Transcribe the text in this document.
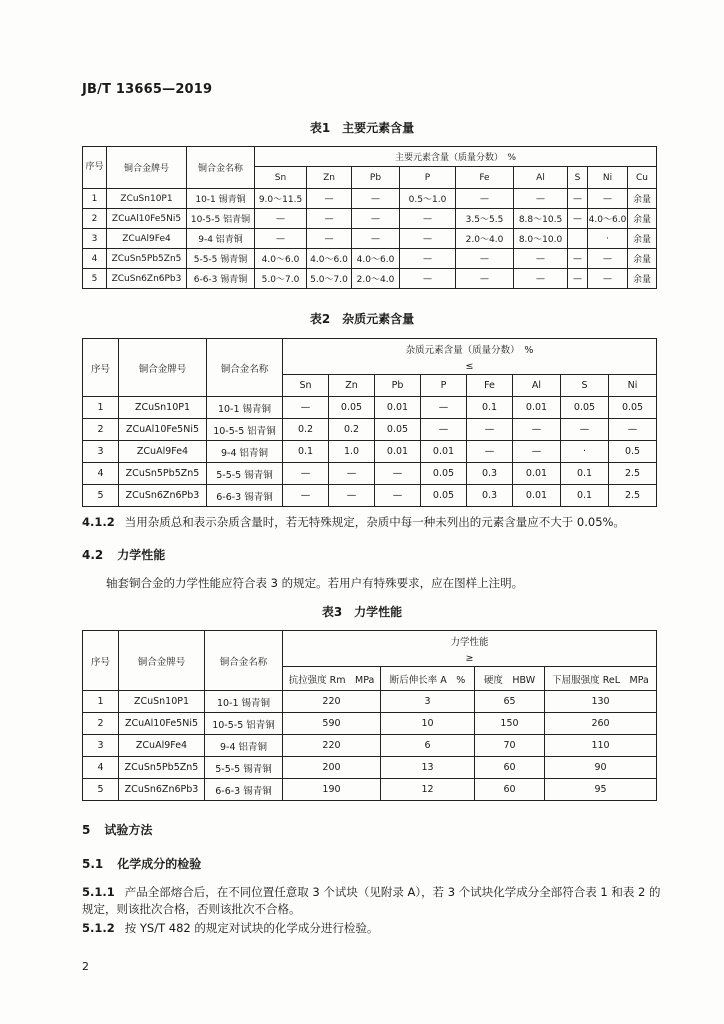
JB/T 13665—2019
表1　主要元素含量
序号	铜合金牌号	铜合金名称	主要元素含量（质量分数）　%								
			Sn	Zn	Pb	P	Fe	Al	S	Ni	Cu
1	ZCuSn10P1	10-1 锡青铜	9.0～11.5	—	—	0.5～1.0	—	—	—	—	余量
2	ZCuAl10Fe5Ni5	10-5-5 铝青铜	—	—	—	—	3.5～5.5	8.8～10.5	—	4.0～6.0	余量
3	ZCuAl9Fe4	9-4 铝青铜	—	—	—	—	2.0～4.0	8.0～10.0		·	余量
4	ZCuSn5Pb5Zn5	5-5-5 锡青铜	4.0～6.0	4.0～6.0	4.0～6.0	—	—	—	—	—	余量
5	ZCuSn6Zn6Pb3	6-6-3 锡青铜	5.0～7.0	5.0～7.0	2.0～4.0	—	—	—	—	—	余量
表2　杂质元素含量
序号	铜合金牌号	铜合金名称	杂质元素含量（质量分数）　%							
			≤							
			Sn	Zn	Pb	P	Fe	Al	S	Ni
1	ZCuSn10P1	10-1 锡青铜	—	0.05	0.01	—	0.1	0.01	0.05	0.05
2	ZCuAl10Fe5Ni5	10-5-5 铝青铜	0.2	0.2	0.05	—	—	—	—	—
3	ZCuAl9Fe4	9-4 铝青铜	0.1	1.0	0.01	0.01	—	—	·	0.5
4	ZCuSn5Pb5Zn5	5-5-5 锡青铜	—	—	—	0.05	0.3	0.01	0.1	2.5
5	ZCuSn6Zn6Pb3	6-6-3 锡青铜	—	—	—	0.05	0.3	0.01	0.1	2.5
4.1.2 当用杂质总和表示杂质含量时，若无特殊规定，杂质中每一种未列出的元素含量应不大于 0.05%。
4.2 力学性能
轴套铜合金的力学性能应符合表 3 的规定。若用户有特殊要求，应在图样上注明。
表3　力学性能
序号	铜合金牌号	铜合金名称	力学性能			
			≥			
			抗拉强度 Rm　MPa	断后伸长率 A　%	硬度　HBW	下屈服强度 ReL　MPa
1	ZCuSn10P1	10-1 锡青铜	220	3	65	130
2	ZCuAl10Fe5Ni5	10-5-5 铝青铜	590	10	150	260
3	ZCuAl9Fe4	9-4 铝青铜	220	6	70	110
4	ZCuSn5Pb5Zn5	5-5-5 锡青铜	200	13	60	90
5	ZCuSn6Zn6Pb3	6-6-3 锡青铜	190	12	60	95
5 试验方法
5.1 化学成分的检验
5.1.1 产品全部熔合后，在不同位置任意取 3 个试块（见附录 A），若 3 个试块化学成分全部符合表 1 和表 2 的规定，则该批次合格，否则该批次不合格。
5.1.2 按 YS/T 482 的规定对试块的化学成分进行检验。
2
